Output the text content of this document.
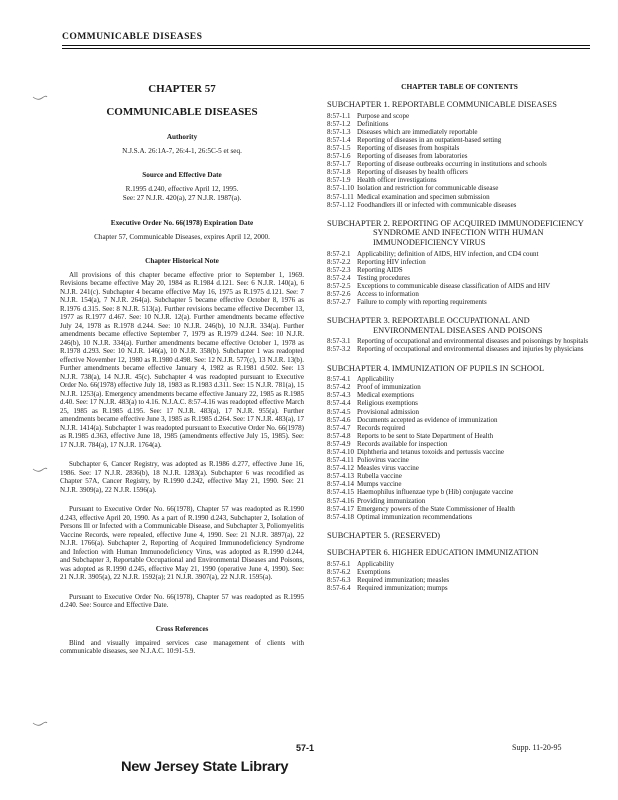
COMMUNICABLE DISEASES
CHAPTER 57
COMMUNICABLE DISEASES
Authority
N.J.S.A. 26:1A-7, 26:4-1, 26:5C-5 et seq.
Source and Effective Date
R.1995 d.240, effective April 12, 1995.
See: 27 N.J.R. 420(a), 27 N.J.R. 1987(a).
Executive Order No. 66(1978) Expiration Date
Chapter 57, Communicable Diseases, expires April 12, 2000.
Chapter Historical Note

All provisions of this chapter became effective prior to September 1, 1969. Revisions became effective May 20, 1984 as R.1984 d.121. See: 6 N.J.R. 140(a), 6 N.J.R. 241(c). Subchapter 4 became effective May 16, 1975 as R.1975 d.121. See: 7 N.J.R. 154(a), 7 N.J.R. 264(a). Subchapter 5 became effective October 8, 1976 as R.1976 d.315. See: 8 N.J.R. 513(a). Further revisions became effective December 13, 1977 as R.1977 d.467. See: 10 N.J.R. 12(a). Further amendments became effective July 24, 1978 as R.1978 d.244. See: 10 N.J.R. 246(b), 10 N.J.R. 334(a). Further amendments became effective September 7, 1979 as R.1979 d.244. See: 10 N.J.R. 246(b), 10 N.J.R. 334(a). Further amendments became effective October 1, 1978 as R.1978 d.293. See: 10 N.J.R. 146(a), 10 N.J.R. 358(b). Subchapter 1 was readopted effective November 12, 1980 as R.1980 d.498. See: 12 N.J.R. 577(c), 13 N.J.R. 13(b). Further amendments became effective January 4, 1982 as R.1981 d.502. See: 13 N.J.R. 738(a), 14 N.J.R. 45(c). Subchapter 4 was readopted pursuant to Executive Order No. 66(1978) effective July 18, 1983 as R.1983 d.311. See: 15 N.J.R. 781(a), 15 N.J.R. 1253(a). Emergency amendments became effective January 22, 1985 as R.1985 d.40. See: 17 N.J.R. 483(a) to 4.16. N.J.A.C. 8:57-4.16 was readopted effective March 25, 1985 as R.1985 d.195. See: 17 N.J.R. 483(a), 17 N.J.R. 955(a). Further amendments became effective June 3, 1985 as R.1985 d.264. See: 17 N.J.R. 483(a), 17 N.J.R. 1414(a). Subchapter 1 was readopted pursuant to Executive Order No. 66(1978) as R.1985 d.363, effective June 18, 1985 (amendments effective July 15, 1985). See: 17 N.J.R. 784(a), 17 N.J.R. 1764(a).

Subchapter 6, Cancer Registry, was adopted as R.1986 d.277, effective June 16, 1986. See: 17 N.J.R. 2836(b), 18 N.J.R. 1283(a). Subchapter 6 was recodified as Chapter 57A, Cancer Registry, by R.1990 d.242, effective May 21, 1990. See: 21 N.J.R. 3909(a), 22 N.J.R. 1596(a).

Pursuant to Executive Order No. 66(1978), Chapter 57 was readopted as R.1990 d.243, effective April 20, 1990. As a part of R.1990 d.243, Subchapter 2, Isolation of Persons Ill or Infected with a Communicable Disease, and Subchapter 3, Poliomyelitis Vaccine Records, were repealed, effective June 4, 1990. See: 21 N.J.R. 3897(a), 22 N.J.R. 1766(a). Subchapter 2, Reporting of Acquired Immunodeficiency Syndrome and Infection with Human Immunodeficiency Virus, was adopted as R.1990 d.244, and Subchapter 3, Reportable Occupational and Environmental Diseases and Poisons, was adopted as R.1990 d.245, effective May 21, 1990 (operative June 4, 1990). See: 21 N.J.R. 3905(a), 22 N.J.R. 1592(a); 21 N.J.R. 3907(a), 22 N.J.R. 1595(a).

Pursuant to Executive Order No. 66(1978), Chapter 57 was readopted as R.1995 d.240. See: Source and Effective Date.

Cross References

Blind and visually impaired services case management of clients with communicable diseases, see N.J.A.C. 10:91-5.9.

CHAPTER TABLE OF CONTENTS
SUBCHAPTER 1. REPORTABLE COMMUNICABLE DISEASES
8:57-1.1 Purpose and scope
8:57-1.2 Definitions
8:57-1.3 Diseases which are immediately reportable
8:57-1.4 Reporting of diseases in an outpatient-based setting
8:57-1.5 Reporting of diseases from hospitals
8:57-1.6 Reporting of diseases from laboratories
8:57-1.7 Reporting of disease outbreaks occurring in institutions and schools
8:57-1.8 Reporting of diseases by health officers
8:57-1.9 Health officer investigations
8:57-1.10 Isolation and restriction for communicable disease
8:57-1.11 Medical examination and specimen submission
8:57-1.12 Foodhandlers ill or infected with communicable diseases
SUBCHAPTER 2. REPORTING OF ACQUIRED IMMUNODEFICIENCY SYNDROME AND INFECTION WITH HUMAN IMMUNODEFICIENCY VIRUS
8:57-2.1 Applicability; definition of AIDS, HIV infection, and CD4 count
8:57-2.2 Reporting HIV infection
8:57-2.3 Reporting AIDS
8:57-2.4 Testing procedures
8:57-2.5 Exceptions to communicable disease classification of AIDS and HIV
8:57-2.6 Access to information
8:57-2.7 Failure to comply with reporting requirements
SUBCHAPTER 3. REPORTABLE OCCUPATIONAL AND ENVIRONMENTAL DISEASES AND POISONS
8:57-3.1 Reporting of occupational and environmental diseases and poisonings by hospitals
8:57-3.2 Reporting of occupational and environmental diseases and injuries by physicians
SUBCHAPTER 4. IMMUNIZATION OF PUPILS IN SCHOOL
8:57-4.1 Applicability
8:57-4.2 Proof of immunization
8:57-4.3 Medical exemptions
8:57-4.4 Religious exemptions
8:57-4.5 Provisional admission
8:57-4.6 Documents accepted as evidence of immunization
8:57-4.7 Records required
8:57-4.8 Reports to be sent to State Department of Health
8:57-4.9 Records available for inspection
8:57-4.10 Diphtheria and tetanus toxoids and pertussis vaccine
8:57-4.11 Poliovirus vaccine
8:57-4.12 Measles virus vaccine
8:57-4.13 Rubella vaccine
8:57-4.14 Mumps vaccine
8:57-4.15 Haemophilus influenzae type b (Hib) conjugate vaccine
8:57-4.16 Providing immunization
8:57-4.17 Emergency powers of the State Commissioner of Health
8:57-4.18 Optimal immunization recommendations
SUBCHAPTER 5. (RESERVED)
SUBCHAPTER 6. HIGHER EDUCATION IMMUNIZATION
8:57-6.1 Applicability
8:57-6.2 Exemptions
8:57-6.3 Required immunization; measles
8:57-6.4 Required immunization; mumps
57-1	Supp. 11-20-95
New Jersey State Library
